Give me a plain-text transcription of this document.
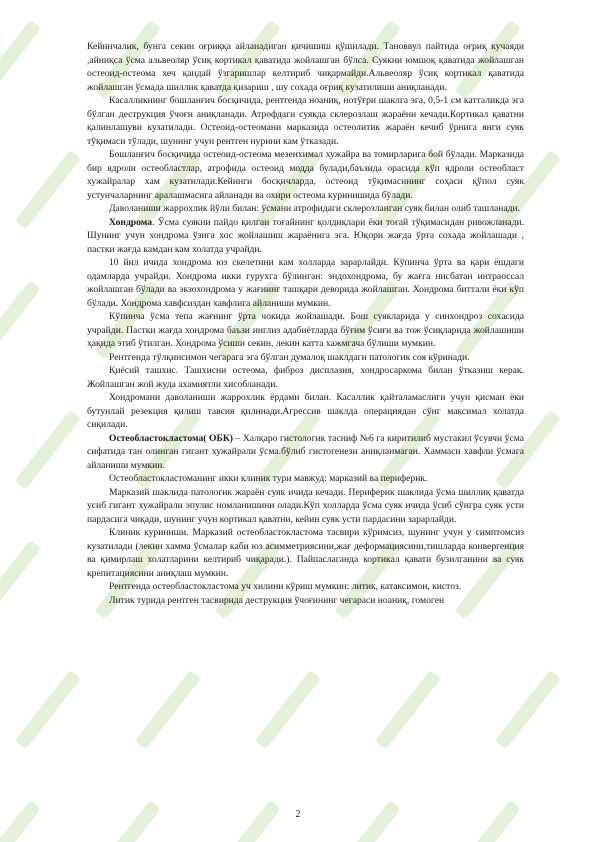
Кейинчалик, бунга секин оғриққа айланадиган қичишиш қўшилади. Тановвул пайтида оғриқ кучаяди ,айниқса ўсма альвеоляр ўсиқ кортикал қаватида жойлашган бўлса. Суякни юмшоқ қаватида жойлашган остеоид-остеома хеч қандай ўзгаришлар келтириб чиқармайди.Альвеоляр ўсиқ кортикал қаватида жойлашган ўсмада шиллик қаватда қизариш , шу сохада оғриқ кузатилиши аниқланади.

Касалликнинг бошланғич босқичида, рентгенда ноаниқ, нотўғри шаклга эга, 0,5-1 см катталикда эга бўлган деструкция ўчоғи аниқланади. Атрофдаги суякда склерозлаш жараёни кечади.Кортикал қаватни қалинлашуви кузатилади. Остеоид-остеомани марказида остеолитик жараён кечиб ўрнига янги суяк тўқимаси тўлади, шунинг учун рентген нурини кам ўтказади.

Бошланғич босқичида остеоид-остеома мезенхимал хужайра ва томирларига бой бўлади. Марказида бир ядроли остеобластлар, атрофида остеоид модда булади,баъзида орасида кўп ядроли остеобласт хужайралар хам кузатилади.Кейинги босқичларда, остеоид тўқимасининг соҳаси қўпол суяк устунчаларнинг аралашмасига айланади ва охири остеома куринишида бўлади.

Даволаниши жаррохлик йўли билан: ўсмани атрофидаги склерозланган суяк билан олиб ташланади.

Хондрома. Ўсма суякни пайдо қилган тоғайнинг қолдиқлари ёки тоғай тўқимасидан ривожланади. Шунинг учун хондрома ўзига хос жойлашиш жараёнига эга. Юқори жағда ўрта сохада жойлашади , пастки жағда камдан кам холатда учрайди.

10 йил ичида хондрома юз скелетини кам холларда зарарлайди. Кўпинча ўрта ва қари ёшдаги одамларда учрайди. Хондрома икки гурухга бўлинган: эндохондрома, бу жағга нисбатан интраоссал жойлашган бўлади ва экзохондрома у жағнинг ташқари деворида жойлашган. Хондрома биттали ёки кўп бўлади. Хондрома хавфсиздан хавфлига айланиши мумкин.

Кўпинча ўсма тепа жағнинг ўрта чокида жойлашади. Бош суякларида у синхондроз сохасида учрайди. Пастки жағда хондрома баъзи инглиз адабиётларда бўғим ўсиғи ва тож ўсиқларида жойлашиши ҳақида этиб ўтилган. Хондрома ўсиши секин, лекин катта хажмгача бўлиши мумкин.

Рентгенда тўлқинсимон чегарага эга бўлган думалоқ шаклдаги патологик соя кўринади.

Қиёсий ташхис. Ташхисни остеома, фиброз дисплазия, хондросаркома билан ўтказиш керак. Жойлашган жой жуда ахамиятли хисобланади.

Хондромани даволаниши жаррохлик ёрдами билан. Касаллик қайталамаслиги учун қисман ёки бутунлай резекция қилиш тавсия қилинади.Агрессив шаклда операциядан сўнг максимал холатда сиқилади.

Остеобластокластома( ОБК) – Халқаро гистологик тасниф №6 га киритилиб мустакил ўсувчи ўсма сифатида тан олинган гигант хужайрали ўсма.бўлиб гистогенези аниқланмаган. Хаммаси хавфли ўсмага айланиши мумкин.

Остеобластокластоманинг икки клиник тури мавжуд: марказий ва периферик.

Марказий шаклида патологик жараён суяк ичида кечади. Периферик шаклида ўсма шиллиқ қаватда усиб гигант хужайрали эпулис номланишини олади.Кўп холларда ўсма суяк ичида ўсиб сўнгра суяк усти пардасига чиқади, шунинг учун кортикал қаватни, кейин суяк усти пардасини зарарлайди.

Клиник куриниши. Марказий остеобластокластома тасвири кўримсиз, шунинг учун у симптомсиз кузатилади (лекин хамма ўсмалар каби юз асимметриясини,жағ деформациясини,тишларда конвергенция ва қимирлаш холатларини келтириб чиқаради.). Пайпаслаганда кортикал қавати бузилганини ва суяк крепитациясини аниқлаш мумкин.

Рентгенда остеобластокластома уч хилини кўриш мумкин: литик, катаксимон, кистоз.

Литик турида рентген тасвирида деструкция ўчоғининг чегараси ноаниқ, гомоген

2
